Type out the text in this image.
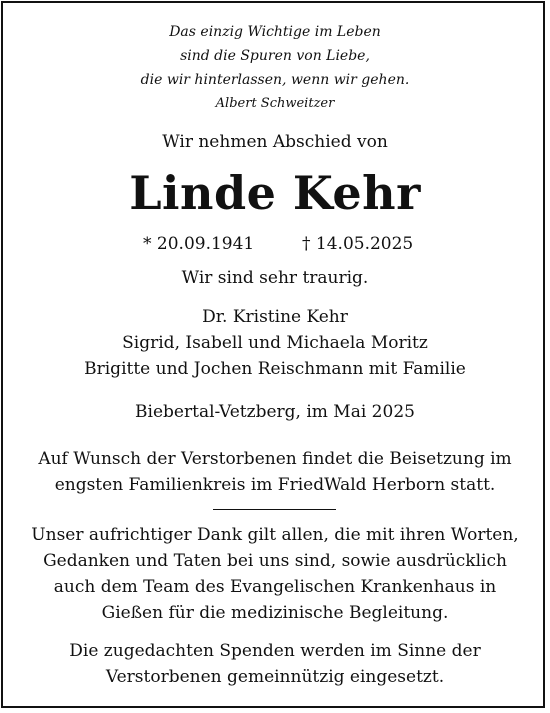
Das einzig Wichtige im Leben
sind die Spuren von Liebe,
die wir hinterlassen, wenn wir gehen.
Albert Schweitzer
Wir nehmen Abschied von
Linde Kehr
* 20.09.1941	† 14.05.2025
Wir sind sehr traurig.
Dr. Kristine Kehr
Sigrid, Isabell und Michaela Moritz
Brigitte und Jochen Reischmann mit Familie
Biebertal-Vetzberg, im Mai 2025
Auf Wunsch der Verstorbenen findet die Beisetzung im
engsten Familienkreis im FriedWald Herborn statt.
Unser aufrichtiger Dank gilt allen, die mit ihren Worten,
Gedanken und Taten bei uns sind, sowie ausdrücklich
auch dem Team des Evangelischen Krankenhaus in
Gießen für die medizinische Begleitung.
Die zugedachten Spenden werden im Sinne der
Verstorbenen gemeinnützig eingesetzt.
